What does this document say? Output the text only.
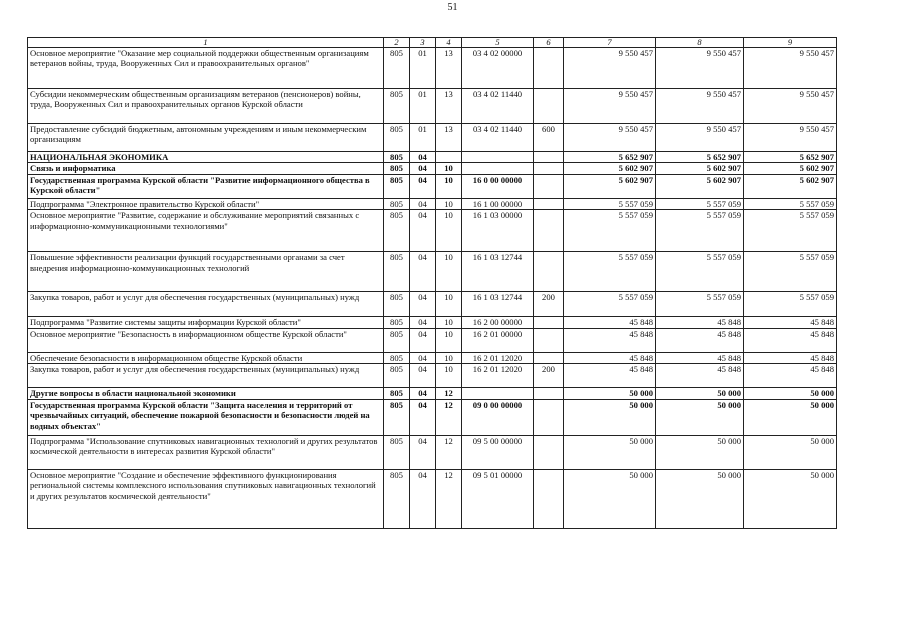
51
1	2	3	4	5	6	7	8	9
Основное мероприятие "Оказание мер социальной поддержки общественным организациям ветеранов войны, труда, Вооруженных Сил и правоохранительных органов"	805	01	13	03 4 02 00000		9 550 457	9 550 457	9 550 457
Субсидии некоммерческим общественным организациям ветеранов (пенсионеров) войны, труда, Вооруженных Сил и правоохранительных органов Курской области	805	01	13	03 4 02 11440		9 550 457	9 550 457	9 550 457
Предоставление субсидий бюджетным, автономным учреждениям и иным некоммерческим организациям	805	01	13	03 4 02 11440	600	9 550 457	9 550 457	9 550 457
НАЦИОНАЛЬНАЯ ЭКОНОМИКА	805	04				5 652 907	5 652 907	5 652 907
Связь и информатика	805	04	10			5 602 907	5 602 907	5 602 907
Государственная программа Курской области "Развитие информационного общества в Курской области"	805	04	10	16 0 00 00000		5 602 907	5 602 907	5 602 907
Подпрограмма "Электронное правительство Курской области"	805	04	10	16 1 00 00000		5 557 059	5 557 059	5 557 059
Основное мероприятие "Развитие, содержание и обслуживание мероприятий связанных с информационно-коммуникационными технологиями"	805	04	10	16 1 03 00000		5 557 059	5 557 059	5 557 059
Повышение эффективности реализации функций государственными органами за счет внедрения информационно-коммуникационных технологий	805	04	10	16 1 03 12744		5 557 059	5 557 059	5 557 059
Закупка товаров, работ и услуг для обеспечения государственных (муниципальных) нужд	805	04	10	16 1 03 12744	200	5 557 059	5 557 059	5 557 059
Подпрограмма "Развитие системы защиты информации Курской области"	805	04	10	16 2 00 00000		45 848	45 848	45 848
Основное мероприятие "Безопасность в информационном обществе Курской области"	805	04	10	16 2 01 00000		45 848	45 848	45 848
Обеспечение безопасности в информационном обществе Курской области	805	04	10	16 2 01 12020		45 848	45 848	45 848
Закупка товаров, работ и услуг для обеспечения государственных (муниципальных) нужд	805	04	10	16 2 01 12020	200	45 848	45 848	45 848
Другие вопросы в области национальной экономики	805	04	12			50 000	50 000	50 000
Государственная программа Курской области "Защита населения и территорий от чрезвычайных ситуаций, обеспечение пожарной безопасности и безопасности людей на водных объектах"	805	04	12	09 0 00 00000		50 000	50 000	50 000
Подпрограмма "Использование спутниковых навигационных технологий и других результатов космической деятельности в интересах развития Курской области"	805	04	12	09 5 00 00000		50 000	50 000	50 000
Основное мероприятие "Создание и обеспечение эффективного функционирования региональной системы комплексного использования спутниковых навигационных технологий и других результатов космической деятельности"	805	04	12	09 5 01 00000		50 000	50 000	50 000
